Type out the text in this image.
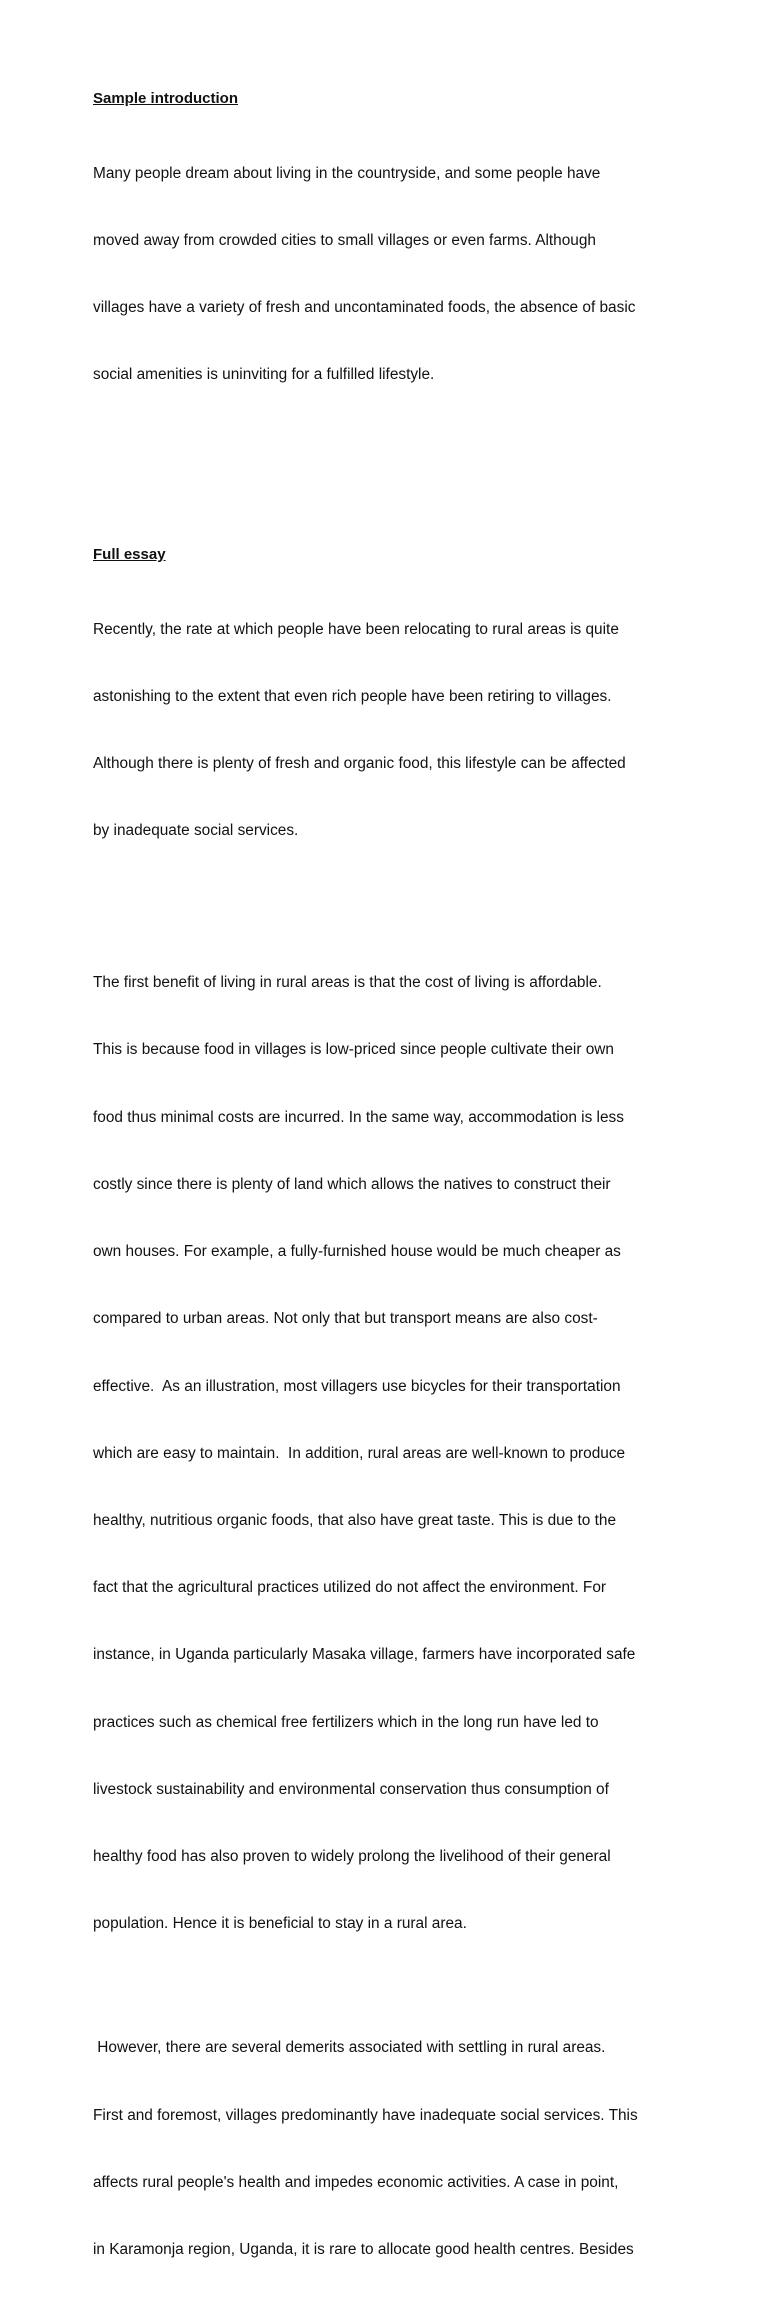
Sample introduction

Many people dream about living in the countryside, and some people have

moved away from crowded cities to small villages or even farms. Although

villages have a variety of fresh and uncontaminated foods, the absence of basic

social amenities is uninviting for a fulfilled lifestyle.

Full essay

Recently, the rate at which people have been relocating to rural areas is quite

astonishing to the extent that even rich people have been retiring to villages.

Although there is plenty of fresh and organic food, this lifestyle can be affected

by inadequate social services.

The first benefit of living in rural areas is that the cost of living is affordable.

This is because food in villages is low-priced since people cultivate their own

food thus minimal costs are incurred. In the same way, accommodation is less

costly since there is plenty of land which allows the natives to construct their

own houses. For example, a fully-furnished house would be much cheaper as

compared to urban areas. Not only that but transport means are also cost-

effective.  As an illustration, most villagers use bicycles for their transportation

which are easy to maintain.  In addition, rural areas are well-known to produce

healthy, nutritious organic foods, that also have great taste. This is due to the

fact that the agricultural practices utilized do not affect the environment. For

instance, in Uganda particularly Masaka village, farmers have incorporated safe

practices such as chemical free fertilizers which in the long run have led to

livestock sustainability and environmental conservation thus consumption of

healthy food has also proven to widely prolong the livelihood of their general

population. Hence it is beneficial to stay in a rural area.

However, there are several demerits associated with settling in rural areas.

First and foremost, villages predominantly have inadequate social services. This

affects rural people's health and impedes economic activities. A case in point,

in Karamonja region, Uganda, it is rare to allocate good health centres. Besides
